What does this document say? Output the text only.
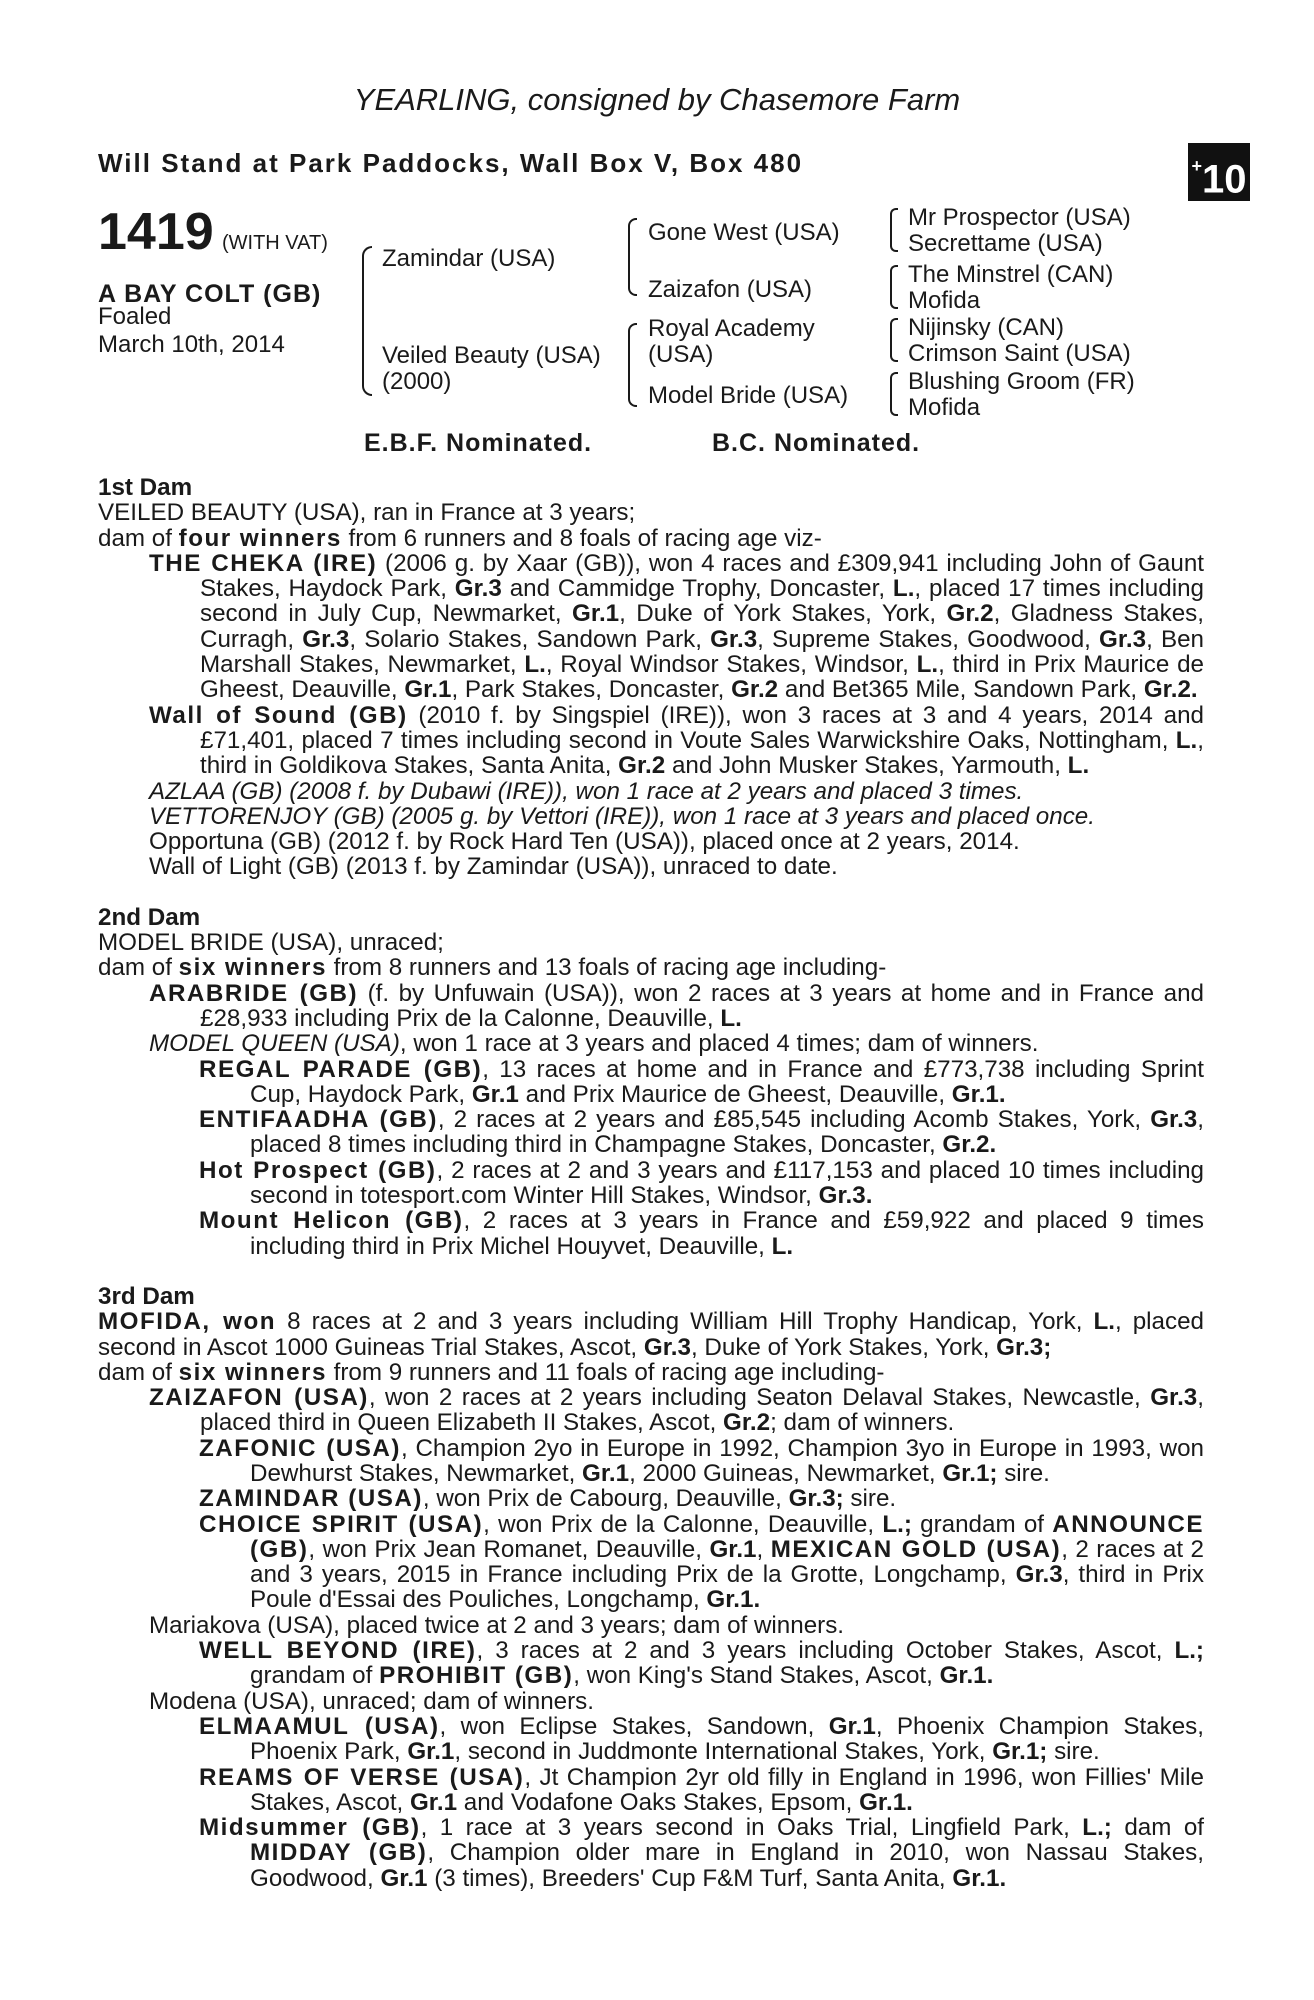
YEARLING, consigned by Chasemore Farm
Will Stand at Park Paddocks, Wall Box V, Box 480	+10
1419 (WITH VAT)
A BAY COLT (GB)
Foaled
March 10th, 2014
Zamindar (USA)
Veiled Beauty (USA)
(2000)
Gone West (USA)
Zaizafon (USA)
Royal Academy
(USA)
Model Bride (USA)
Mr Prospector (USA)
Secrettame (USA)
The Minstrel (CAN)
Mofida
Nijinsky (CAN)
Crimson Saint (USA)
Blushing Groom (FR)
Mofida
E.B.F. Nominated.	B.C. Nominated.

1st Dam

VEILED BEAUTY (USA), ran in France at 3 years;

dam of four winners from 6 runners and 8 foals of racing age viz-

THE CHEKA (IRE) (2006 g. by Xaar (GB)), won 4 races and £309,941 including John of Gaunt Stakes, Haydock Park, Gr.3 and Cammidge Trophy, Doncaster, L., placed 17 times including second in July Cup, Newmarket, Gr.1, Duke of York Stakes, York, Gr.2, Gladness Stakes, Curragh, Gr.3, Solario Stakes, Sandown Park, Gr.3, Supreme Stakes, Goodwood, Gr.3, Ben Marshall Stakes, Newmarket, L., Royal Windsor Stakes, Windsor, L., third in Prix Maurice de Gheest, Deauville, Gr.1, Park Stakes, Doncaster, Gr.2 and Bet365 Mile, Sandown Park, Gr.2.

Wall of Sound (GB) (2010 f. by Singspiel (IRE)), won 3 races at 3 and 4 years, 2014 and £71,401, placed 7 times including second in Voute Sales Warwickshire Oaks, Nottingham, L., third in Goldikova Stakes, Santa Anita, Gr.2 and John Musker Stakes, Yarmouth, L.

AZLAA (GB) (2008 f. by Dubawi (IRE)), won 1 race at 2 years and placed 3 times.

VETTORENJOY (GB) (2005 g. by Vettori (IRE)), won 1 race at 3 years and placed once.

Opportuna (GB) (2012 f. by Rock Hard Ten (USA)), placed once at 2 years, 2014.

Wall of Light (GB) (2013 f. by Zamindar (USA)), unraced to date.

2nd Dam

MODEL BRIDE (USA), unraced;

dam of six winners from 8 runners and 13 foals of racing age including-

ARABRIDE (GB) (f. by Unfuwain (USA)), won 2 races at 3 years at home and in France and £28,933 including Prix de la Calonne, Deauville, L.

MODEL QUEEN (USA), won 1 race at 3 years and placed 4 times; dam of winners.

REGAL PARADE (GB), 13 races at home and in France and £773,738 including Sprint Cup, Haydock Park, Gr.1 and Prix Maurice de Gheest, Deauville, Gr.1.

ENTIFAADHA (GB), 2 races at 2 years and £85,545 including Acomb Stakes, York, Gr.3, placed 8 times including third in Champagne Stakes, Doncaster, Gr.2.

Hot Prospect (GB), 2 races at 2 and 3 years and £117,153 and placed 10 times including second in totesport.com Winter Hill Stakes, Windsor, Gr.3.

Mount Helicon (GB), 2 races at 3 years in France and £59,922 and placed 9 times including third in Prix Michel Houyvet, Deauville, L.

3rd Dam

MOFIDA, won 8 races at 2 and 3 years including William Hill Trophy Handicap, York, L., placed second in Ascot 1000 Guineas Trial Stakes, Ascot, Gr.3, Duke of York Stakes, York, Gr.3;

dam of six winners from 9 runners and 11 foals of racing age including-

ZAIZAFON (USA), won 2 races at 2 years including Seaton Delaval Stakes, Newcastle, Gr.3, placed third in Queen Elizabeth II Stakes, Ascot, Gr.2; dam of winners.

ZAFONIC (USA), Champion 2yo in Europe in 1992, Champion 3yo in Europe in 1993, won Dewhurst Stakes, Newmarket, Gr.1, 2000 Guineas, Newmarket, Gr.1; sire.

ZAMINDAR (USA), won Prix de Cabourg, Deauville, Gr.3; sire.

CHOICE SPIRIT (USA), won Prix de la Calonne, Deauville, L.; grandam of ANNOUNCE (GB), won Prix Jean Romanet, Deauville, Gr.1, MEXICAN GOLD (USA), 2 races at 2 and 3 years, 2015 in France including Prix de la Grotte, Longchamp, Gr.3, third in Prix Poule d'Essai des Pouliches, Longchamp, Gr.1.

Mariakova (USA), placed twice at 2 and 3 years; dam of winners.

WELL BEYOND (IRE), 3 races at 2 and 3 years including October Stakes, Ascot, L.; grandam of PROHIBIT (GB), won King's Stand Stakes, Ascot, Gr.1.

Modena (USA), unraced; dam of winners.

ELMAAMUL (USA), won Eclipse Stakes, Sandown, Gr.1, Phoenix Champion Stakes, Phoenix Park, Gr.1, second in Juddmonte International Stakes, York, Gr.1; sire.

REAMS OF VERSE (USA), Jt Champion 2yr old filly in England in 1996, won Fillies' Mile Stakes, Ascot, Gr.1 and Vodafone Oaks Stakes, Epsom, Gr.1.

Midsummer (GB), 1 race at 3 years second in Oaks Trial, Lingfield Park, L.; dam of MIDDAY (GB), Champion older mare in England in 2010, won Nassau Stakes, Goodwood, Gr.1 (3 times), Breeders' Cup F&M Turf, Santa Anita, Gr.1.
